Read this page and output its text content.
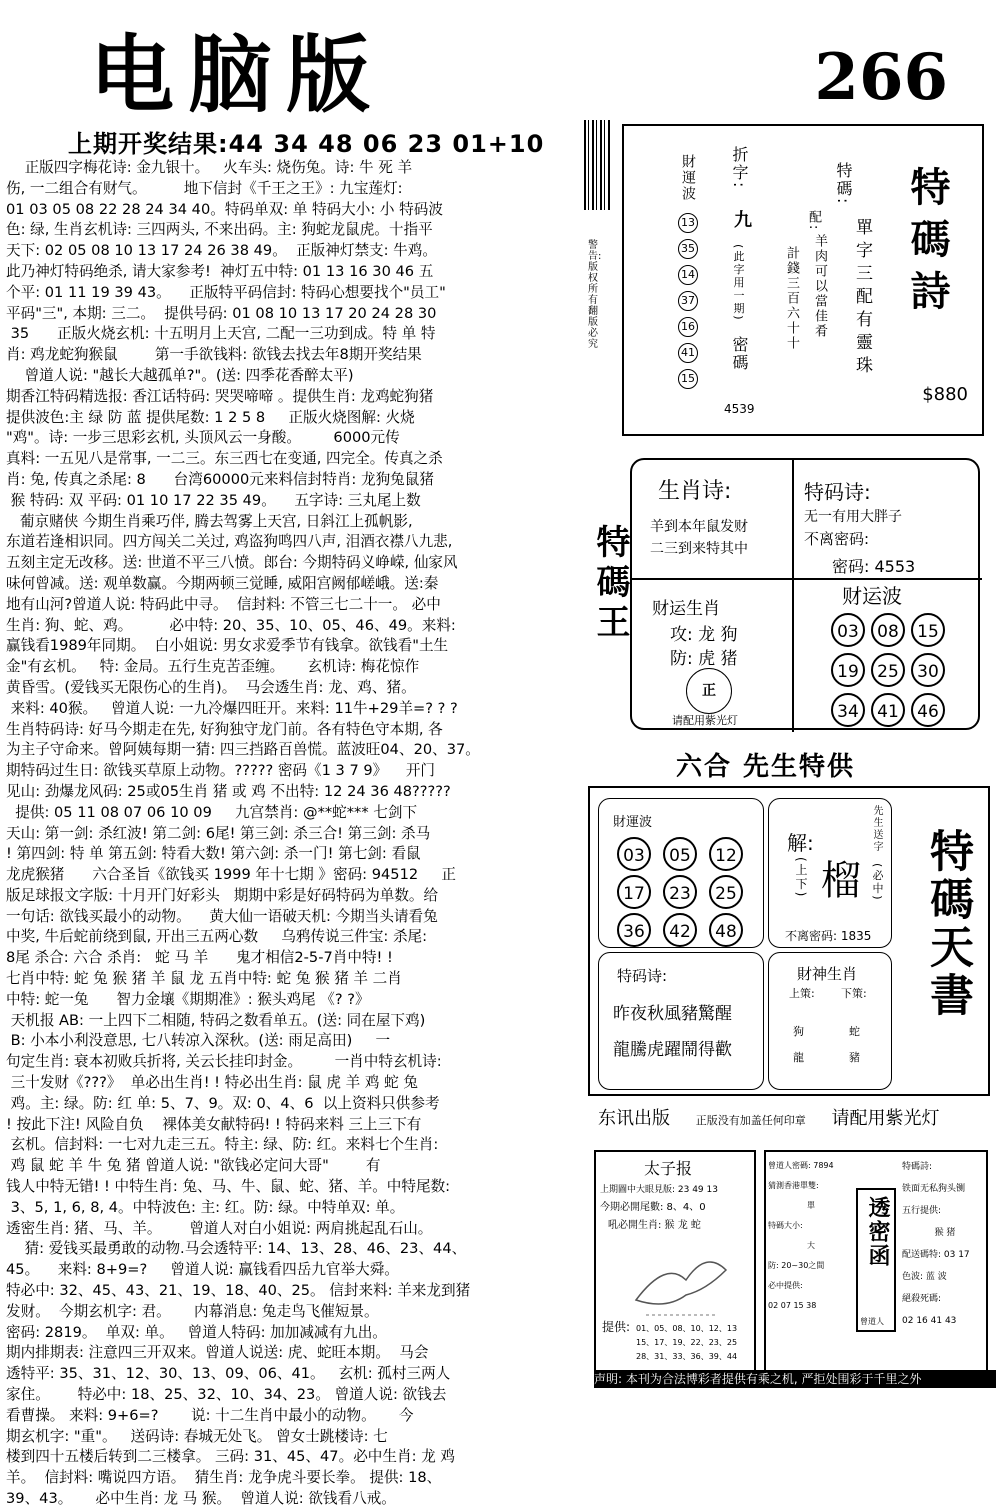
电脑版	266
上期开奖结果:44 34 48 06 23 01+10
正版四字梅花诗: 金九银十。   火车头: 烧伤兔。诗: 牛 死 羊
伤, 一二组合有财气。        地下信封《千王之王》: 九宝莲灯:
01 03 05 08 22 28 24 34 40。特码单双: 单 特码大小: 小 特码波
色: 绿, 生肖玄机诗: 三四两头, 不来出码。主: 狗蛇龙鼠虎。十指平
天下: 02 05 08 10 13 17 24 26 38 49。  正版神灯禁支: 牛鸡。
此乃神灯特码绝杀, 请大家参考!  神灯五中特: 01 13 16 30 46 五
个平: 01 11 19 39 43。    正版特平码信封: 特码心想要找个"员工"
平码"三", 本期: 三二。  提供号码: 01 08 10 13 17 20 24 28 30
35      正版火烧玄机: 十五明月上天宫, 二配一三功到成。特 单 特
肖: 鸡龙蛇狗猴鼠        第一手欲钱料: 欲钱去找去年8期开奖结果
曾道人说: "越长大越孤单?"。(送: 四季花香醉太平)
期香江特码精选报: 香江话特码: 哭哭啼啼 。提供生肖: 龙鸡蛇狗猪
提供波色:主 绿 防 蓝 提供尾数: 1 2 5 8     正版火烧图解: 火烧
"鸡"。诗: 一步三思彩玄机, 头顶风云一身酸。       6000元传
真料: 一五见八是常事, 一二三。东三西七在变通, 四完全。传真之杀
肖: 兔, 传真之杀尾: 8      台湾60000元来料信封特肖: 龙狗兔鼠猪
猴 特码: 双 平码: 01 10 17 22 35 49。    五字诗: 三丸尾上数
葡京赌侠 今期生肖乘巧伴, 腾去驾雾上天宫, 日斜江上孤帆影,
东道若逢相识同。四方闯关二关过, 鸡盗狗鸣四八声, 泪酒衣襟八九悲,
五刻主定无改移。送: 世道不平三八愤。郎台: 今期特码义峥嵘, 仙家风
味何曾减。送: 观单数赢。今期两顿三觉睡, 威阳宫阙郁嵯峨。送:秦
地有山河?曾道人说: 特码此中寻。  信封料: 不管三七二十一。 必中
生肖: 狗、蛇、鸡。        必中特: 20、35、10、05、46、49。来料:
赢钱看1989年同期。  白小姐说: 男女求爱季节有钱拿。欲钱看"土生
金"有玄机。   特: 金局。五行生克苦歪缠。     玄机诗: 梅花惊作
黄昏雪。(爱钱买无限伤心的生肖)。  马会透生肖: 龙、鸡、猪。
来料: 40猴。   曾道人说: 一九冷爆四旺开。来料: 11牛+29羊=? ? ?
生肖特码诗: 好马今期走在先, 好狗独守龙门前。各有特色守本期, 各
为主子守命来。曾阿姨每期一猜: 四三挡路百兽慌。蓝波旺04、20、37。
期特码过生日: 欲钱买草原上动物。????? 密码《1 3 7 9》    开门
见山: 劲爆龙风码: 25或05生肖 猪 或 鸡 不出特: 12 24 36 48?????
提供: 05 11 08 07 06 10 09     九宫禁肖: @**蛇*** 七剑下
天山: 第一剑: 杀红波! 第二剑: 6尾! 第三剑: 杀三合! 第三剑: 杀马
! 第四剑: 特 单 第五剑: 特看大数! 第六剑: 杀一门! 第七剑: 看鼠
龙虎猴猪      六合圣旨《欲钱买 1999 年十七期 》密码: 94512     正
版足球报文字版: 十月开门好彩头   期期中彩是好码特码为单数。给
一句话: 欲钱买最小的动物。    黄大仙一语破天机: 今期当头请看兔
中奖, 牛后蛇前绕到鼠, 开出三五两心数     乌鸦传说三件宝: 杀尾:
8尾 杀合: 六合 杀肖:   蛇 马 羊      鬼才相信2-5-7肖中特! !
七肖中特: 蛇 兔 猴 猪 羊 鼠 龙 五肖中特: 蛇 兔 猴 猪 羊 二肖
中特: 蛇一兔      智力金壤《期期准》: 猴头鸡尾 《? ?》
天机报 AB: 一上四下二相随, 特码之数看单五。(送: 同在屋下鸡)
B: 小本小利没意思, 七八转凉入深秋。(送: 雨足高田)     一
句定生肖: 衰本初败兵折将, 关云长挂印封金。       一肖中特玄机诗:
三十发财《???》  单必出生肖! ! 特必出生肖: 鼠 虎 羊 鸡 蛇 兔
鸡。主: 绿。防: 红 单: 5、7、9。双: 0、4、6  以上资料只供参考
! 按此下注! 风险自负    裸体美女献特码! ! 特码来料 三上三下有
玄机。信封料: 一七对九走三五。特主: 绿、防: 红。来料七个生肖:
鸡 鼠 蛇 羊 牛 兔 猪 曾道人说: "欲钱必定问大哥"        有
钱人中特无错! ! 中特生肖: 兔、马、牛、鼠、蛇、猪、羊。中特尾数:
3、5, 1, 6, 8, 4。中特波色: 主: 红。防: 绿。中特单双: 单。
透密生肖: 猪、马、羊。      曾道人对白小姐说: 两肩挑起乱石山。
猜: 爱钱买最勇敢的动物.马会透特平: 14、13、28、46、23、44、
45。    来料: 8+9=?     曾道人说: 赢钱看四岳九官举大舜。
特必中: 32、45、43、21、19、18、40、25。 信封来料: 羊来龙到猪
发财。  今期玄机字: 君。     内幕消息: 兔走鸟飞催短景。
密码: 2819。  单双: 单。   曾道人特码: 加加减减有九出。
期内排期表: 注意四三开双来。曾道人说送: 虎、蛇旺本期。  马会
透特平: 35、31、12、30、13、09、06、41。   玄机: 孤村三两人
家住。      特必中: 18、25、32、10、34、23。 曾道人说: 欲钱去
看曹操。 来料: 9+6=?       说: 十二生肖中最小的动物。     今
期玄机字: "重"。   送码诗: 春城无处飞。 曾女士跳楼诗: 七
楼到四十五楼后转到二三楼拿。 三码: 31、45、47。必中生肖: 龙 鸡
羊。  信封料: 嘴说四方语。  猜生肖: 龙争虎斗要长拳。 提供: 18、
39、43。     必中生肖: 龙 马 猴。  曾道人说: 欲钱看八戒。
警告: 版权所有翻版必究
特碼詩
$880
特碼:
單字三配有靈珠
配:
羊肉可以當佳肴
計錢三百六十十
折字:
九
(此字用一期)
密碼
財運波
13 35 14 37 16 41 15
4539
特碼王
生肖诗:
羊到本年鼠发财
二三到来特其中
特码诗:
无一有用大胖子
不离密码:
密码: 4553
财运生肖
攻: 龙 狗
防: 虎 猪
正
请配用紫光灯
财运波
03 08 15 19 25 30 34 41 46
六合 先生特供
財運波
03 05 12 17 23 25 36 42 48
解:
(上下) 榴
先生送字
(必中)
不离密码: 1835
特码诗:
昨夜秋風豬驚醒
龍騰虎躍鬧得歡
財神生肖
上策: 下策:
狗
龍
蛇
豬
特碼天書
东讯出版 正版没有加盖任何印章 请配用紫光灯
太子报
上期圖中大眼見版: 23 49 13
今期必開尾數: 8、4、0
吼必開生肖: 猴 龙 蛇
提供: 01、05、08、10、12、13
15、17、19、22、23、25
28、31、33、36、39、44
曾道人密碼: 7894
猜測香港單雙:
單
特碼大小:
大
防: 20~30之間
必中提供:
02 07 15 38
透密函
曾道人
特碼詩:
铁面无私狗头铡
五行提供:
猴 猪
配送碼特: 03 17
色波: 蓝 波
絕殺死碼:
02 16 41 43
声明: 本刊为合法博彩者提供有乘之机, 严拒处围彩于千里之外
